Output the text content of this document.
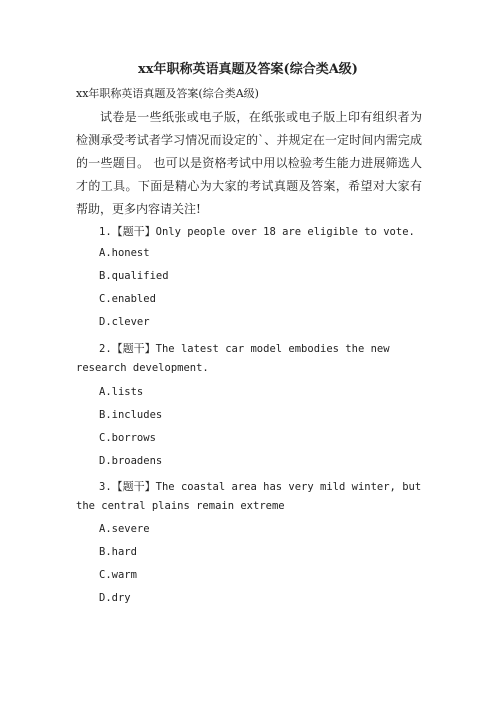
xx年职称英语真题及答案(综合类A级)
xx年职称英语真题及答案(综合类A级)
试卷是一些纸张或电子版，在纸张或电子版上印有组织者为检测承受考试者学习情况而设定的`、并规定在一定时间内需完成的一些题目。 也可以是资格考试中用以检验考生能力进展筛选人才的工具。下面是精心为大家的考试真题及答案，希望对大家有帮助，更多内容请关注!
1.【题干】Only people over 18 are eligible to vote.
A.honest
B.qualified
C.enabled
D.clever
2.【题干】The latest car model embodies the new
research development.
A.lists
B.includes
C.borrows
D.broadens
3.【题干】The coastal area has very mild winter, but
the central plains remain extreme
A.severe
B.hard
C.warm
D.dry
